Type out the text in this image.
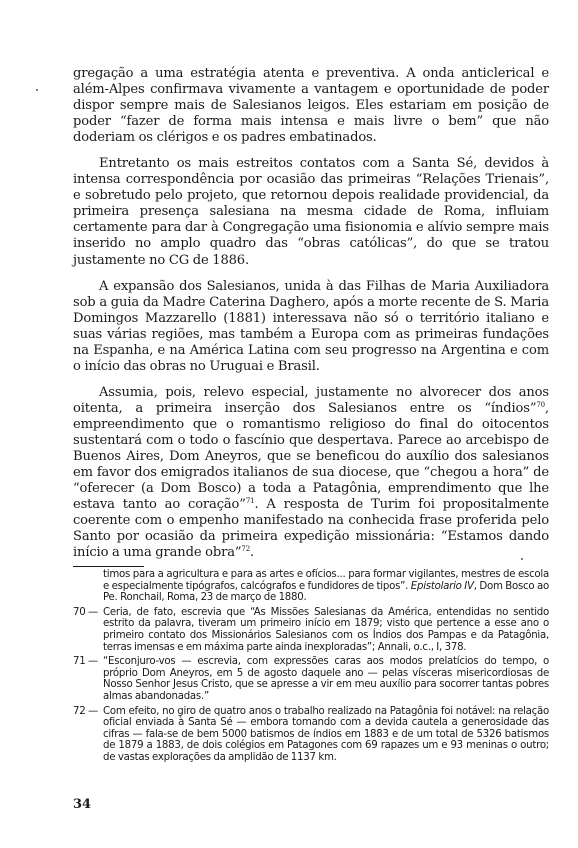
gregação a uma estratégia atenta e preventiva. A onda anticlerical e além-Alpes confirmava vivamente a vantagem e oportunidade de poder dispor sempre mais de Salesianos leigos. Eles estariam em posição de poder “fazer de forma mais intensa e mais livre o bem” que não doderiam os clérigos e os padres embatinados.

Entretanto os mais estreitos contatos com a Santa Sé, devidos à intensa correspondência por ocasião das primeiras “Relações Trienais”, e sobretudo pelo projeto, que retornou depois realidade providencial, da primeira presença salesiana na mesma cidade de Roma, influiam certamente para dar à Congregação uma fisionomia e alívio sempre mais inserido no amplo quadro das “obras católicas”, do que se tratou justamente no CG de 1886.

A expansão dos Salesianos, unida à das Filhas de Maria Auxiliadora sob a guia da Madre Caterina Daghero, após a morte recente de S. Maria Domingos Mazzarello (1881) interessava não só o território italiano e suas várias regiões, mas também a Europa com as primeiras fundações na Espanha, e na América Latina com seu progresso na Argentina e com o início das obras no Uruguai e Brasil.

Assumia, pois, relevo especial, justamente no alvorecer dos anos oitenta, a primeira inserção dos Salesianos entre os “índios”$^{70}$, empreendimento que o romantismo religioso do final do oitocentos sustentará com o todo o fascínio que despertava. Parece ao arcebispo de Buenos Aires, Dom Aneyros, que se beneficou do auxílio dos salesianos em favor dos emigrados italianos de sua diocese, que “chegou a hora” de “oferecer (a Dom Bosco) a toda a Patagônia, emprendimento que lhe estava tanto ao coração”$^{71}$. A resposta de Turim foi propositalmente coerente com o empenho manifestado na conhecida frase proferida pelo Santo por ocasião da primeira expedição missionária: “Estamos dando início a uma grande obra”$^{72}$.

timos para a agricultura e para as artes e ofícios... para formar vigilantes, mestres de escola e especialmente tipógrafos, calcógrafos e fundidores de tipos”. Epistolario IV, Dom Bosco ao Pe. Ronchail, Roma, 23 de março de 1880.
70 — Ceria, de fato, escrevia que “As Missões Salesianas da América, entendidas no sentido estrito da palavra, tiveram um primeiro início em 1879; visto que pertence a esse ano o primeiro contato dos Missionários Salesianos com os Índios dos Pampas e da Patagônia, terras imensas e em máxima parte ainda inexploradas”; Annali, o.c., I, 378.
71 — “Esconjuro-vos — escrevia, com expressões caras aos modos prelatícios do tempo, o próprio Dom Aneyros, em 5 de agosto daquele ano — pelas vísceras misericordiosas de Nosso Senhor Jesus Cristo, que se apresse a vir em meu auxílio para socorrer tantas pobres almas abandonadas.”
72 — Com efeito, no giro de quatro anos o trabalho realizado na Patagônia foi notável: na relação oficial enviada à Santa Sé — embora tomando com a devida cautela a generosidade das cifras — fala-se de bem 5000 batismos de índios em 1883 e de um total de 5326 batismos de 1879 a 1883, de dois colégios em Patagones com 69 rapazes um e 93 meninas o outro; de vastas explorações da amplidão de 1137 km.
34
